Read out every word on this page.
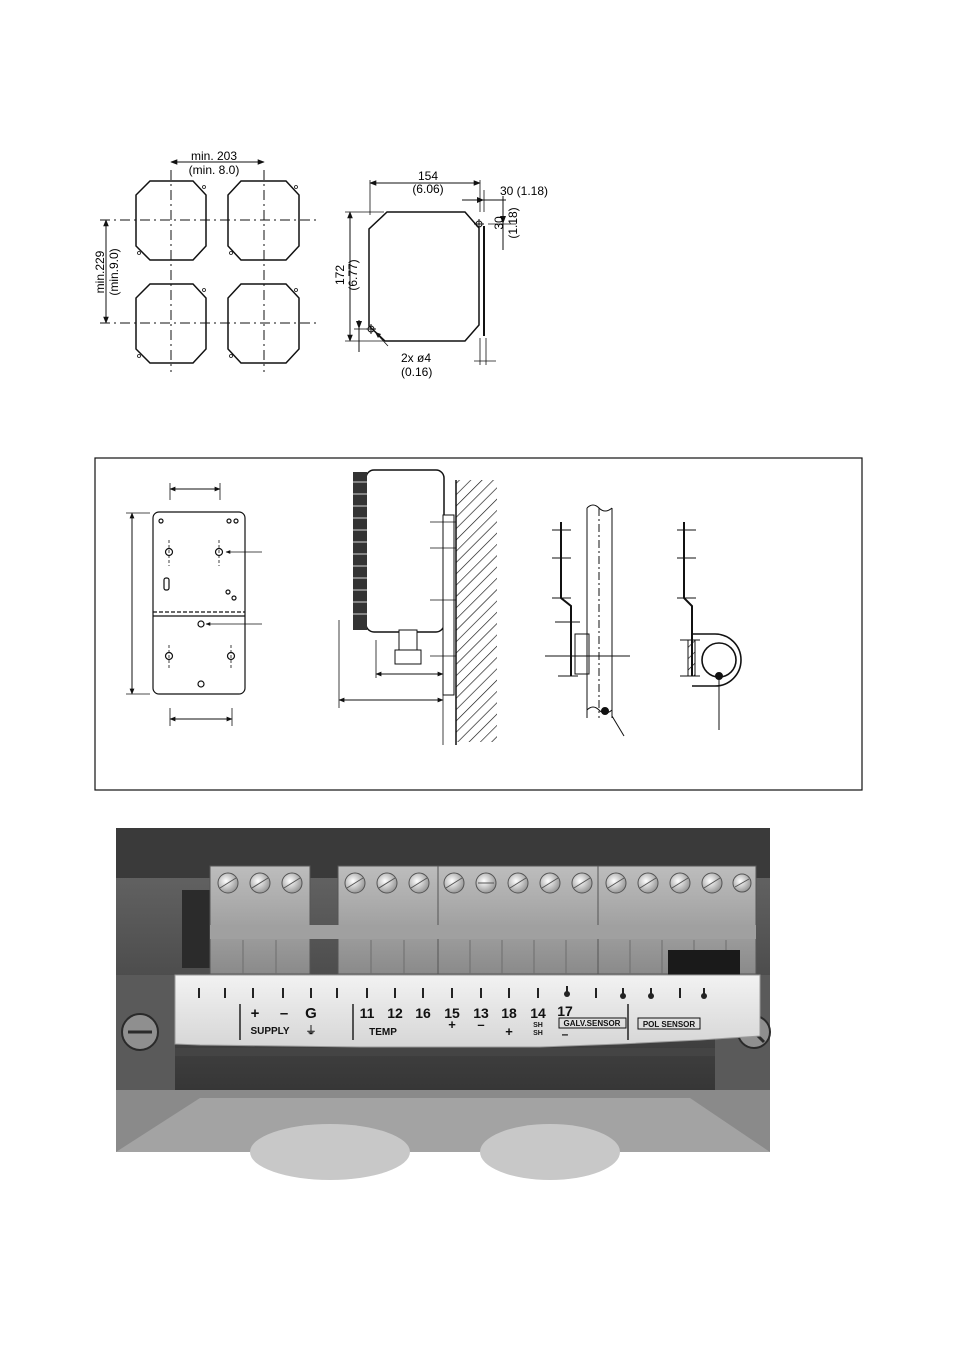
min. 203
(min. 8.0)
min.229 (min.9.0)
154
(6.06)	30 (1.18)
30 (1.18)
172 (6.77)
2x ø4
(0.16)
+ – G
⏚
SUPPLY
11 12 16 15 13 18 14
+ – +
TEMP
SH
SH
17
GALV.SENSOR
–
POL SENSOR
